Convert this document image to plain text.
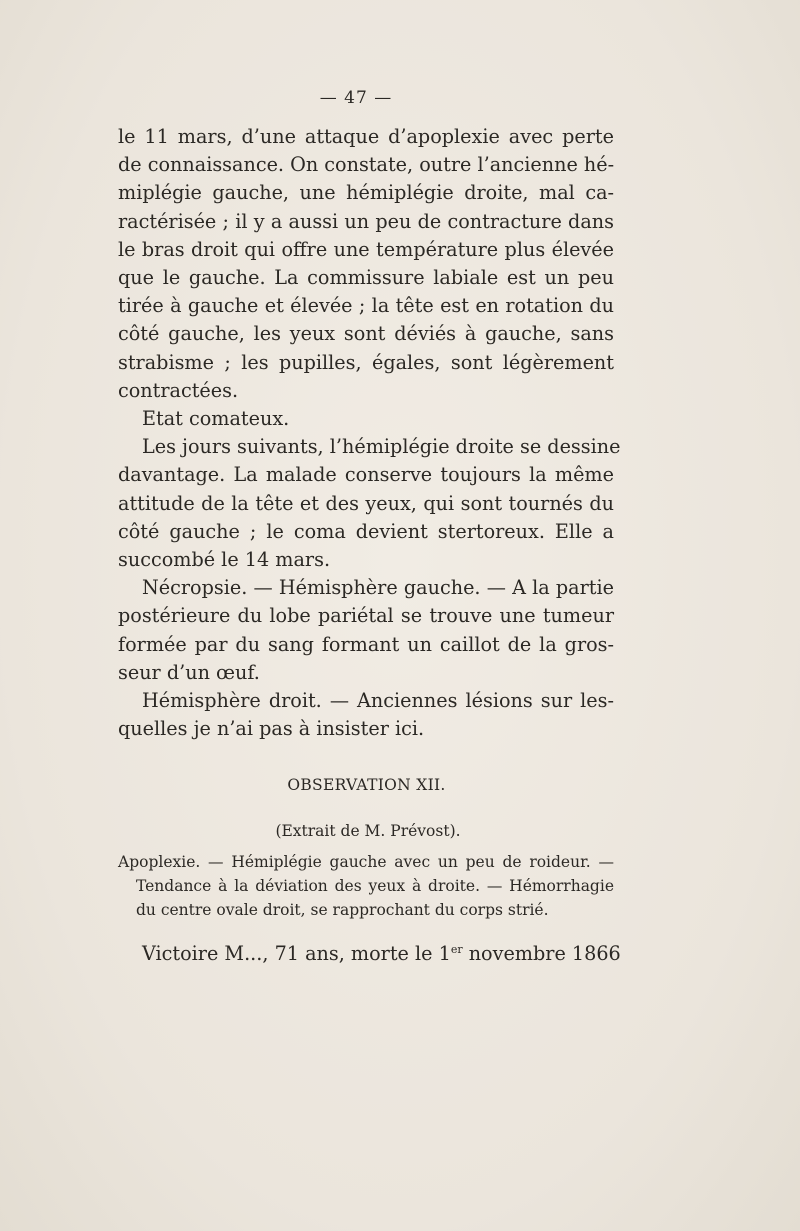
— 47 —
le 11 mars, d’une attaque d’apoplexie avec perte
de connaissance. On constate, outre l’ancienne hé-
miplégie gauche, une hémiplégie droite, mal ca-
ractérisée ; il y a aussi un peu de contracture dans
le bras droit qui offre une température plus élevée
que le gauche. La commissure labiale est un peu
tirée à gauche et élevée ; la tête est en rotation du
côté gauche, les yeux sont déviés à gauche, sans
strabisme ; les pupilles, égales, sont légèrement
contractées.
Etat comateux.
Les jours suivants, l’hémiplégie droite se dessine
davantage. La malade conserve toujours la même
attitude de la tête et des yeux, qui sont tournés du
côté gauche ; le coma devient stertoreux. Elle a
succombé le 14 mars.
Nécropsie. — Hémisphère gauche. — A la partie
postérieure du lobe pariétal se trouve une tumeur
formée par du sang formant un caillot de la gros-
seur d’un œuf.
Hémisphère droit. — Anciennes lésions sur les-
quelles je n’ai pas à insister ici.
OBSERVATION XII.
(Extrait de M. Prévost).
Apoplexie. — Hémiplégie gauche avec un peu de roideur. —
Tendance à la déviation des yeux à droite. — Hémorrhagie
du centre ovale droit, se rapprochant du corps strié.
Victoire M..., 71 ans, morte le 1er novembre 1866
